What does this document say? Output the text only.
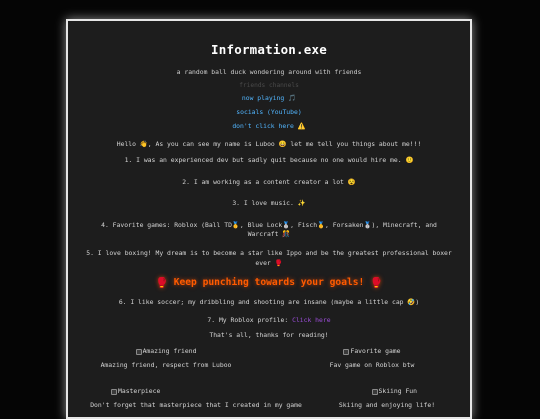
Information.exe
a random ball duck wondering around with friends
friends channels
now playing 🎵
socials (YouTube)
don't click here ⚠️

Hello 👋, As you can see my name is Luboo 😄 let me tell you things about me!!!

1. I was an experienced dev but sadly quit because no one would hire me. 🙂

2. I am working as a content creator a lot 😵

3. I love music. ✨

4. Favorite games: Roblox (Ball TD🥇, Blue Lock🥈, Fisch🥇, Forsaken🥈), Minecraft, and Warcraft 🎊

5. I love boxing! My dream is to become a star like Ippo and be the greatest professional boxer ever 🥊

🥊 Keep punching towards your goals! 🥊

6. I like soccer; my dribbling and shooting are insane (maybe a little cap 🤣)

7. My Roblox profile: Click here

That's all, thanks for reading!

Amazing friend
Amazing friend, respect from Luboo
Favorite game
Fav game on Roblox btw
Masterpiece
Don't forget that masterpiece that I created in my game
Skiing Fun
Skiing and enjoying life!
